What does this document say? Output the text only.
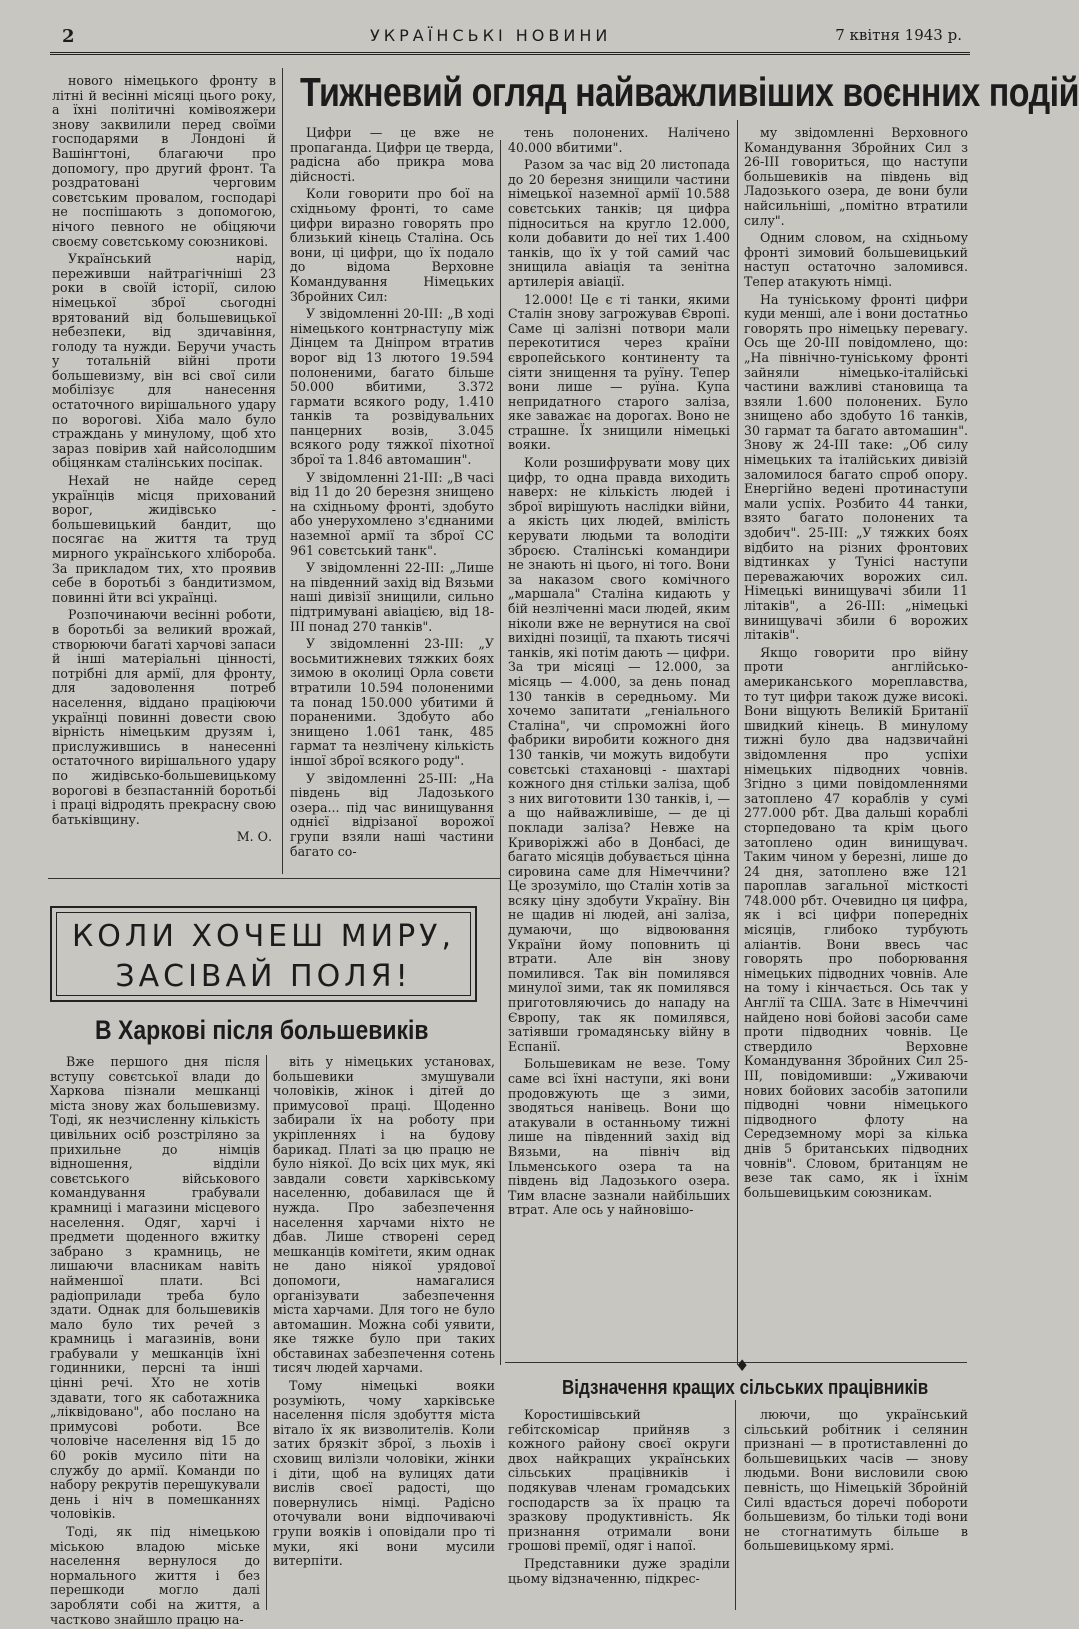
2	УКРАЇНСЬКІ НОВИНИ	7 квітня 1943 р.

нового німецького фронту в літні й весінні місяці цього року, а їхні політичні комівояжери знову заквилили перед своїми господарями в Лондоні й Вашінгтоні, благаючи про допомогу, про другий фронт. Та роздратовані черговим совєтським провалом, господарі не поспішають з допомогою, нічого певного не обіцяючи своєму совєтському союзникові.

Український нарід, переживши найтрагічніші 23 роки в своїй історії, силою німецької зброї сьогодні врятований від большевицької небезпеки, від здичавіння, голоду та нужди. Беручи участь у тотальній війні проти большевизму, він всі свої сили мобілізує для нанесення остаточного вирішального удару по ворогові. Хіба мало було страждань у минулому, щоб хто зараз повірив хай найсолодшим обіцянкам сталінських посіпак.

Нехай не найде серед українців місця прихований ворог, жидівсько - большевицький бандит, що посягає на життя та труд мирного українського хлібороба. За прикладом тих, хто проявив себе в боротьбі з бандитизмом, повинні йти всі українці.

Розпочинаючи весінні роботи, в боротьбі за великий врожай, створюючи багаті харчові запаси й інші матеріальні цінності, потрібні для армії, для фронту, для задоволення потреб населення, віддано праціюючи українці повинні довести свою вірність німецьким друзям і, прислужившись в нанесенні остаточного вирішального удару по жидівсько-большевицькому ворогові в безпастанній боротьбі і праці відродять прекрасну свою батьківщину.

М. О.
Тижневий огляд найважливіших воєнних подій

Цифри — це вже не пропаганда. Цифри це тверда, радісна або прикра мова дійсності.

Коли говорити про бої на східньому фронті, то саме цифри виразно говорять про близький кінець Сталіна. Ось вони, ці цифри, що їх подало до відома Верховне Командування Німецьких Збройних Сил:

У звідомленні 20-ІІІ: „В ході німецького контрнаступу між Дінцем та Дніпром втратив ворог від 13 лютого 19.594 полоненими, багато більше 50.000 вбитими, 3.372 гармати всякого роду, 1.410 танків та розвідувальних панцерних возів, 3.045 всякого роду тяжкої піхотної зброї та 1.846 автомашин".

У звідомленні 21-ІІІ: „В часі від 11 до 20 березня знищено на східньому фронті, здобуто або унерухомлено з'єднаними наземної армії та зброї СС 961 совєтський танк".

У звідомленні 22-ІІІ: „Лише на південний захід від Вязьми наші дивізії знищили, сильно підтримувані авіацією, від 18-ІІІ понад 270 танків".

У звідомленні 23-ІІІ: „У восьмитижневих тяжких боях зимою в околиці Орла совєти втратили 10.594 полоненими та понад 150.000 убитими й пораненими. Здобуто або знищено 1.061 танк, 485 гармат та незлічену кількість іншої зброї всякого роду".

У звідомленні 25-ІІІ: „На південь від Ладозького озера... під час винищування однієї відрізаної ворожої групи взяли наші частини багато со-

тень полонених. Налічено 40.000 вбитими".

Разом за час від 20 листопада до 20 березня знищили частини німецької наземної армії 10.588 совєтських танків; ця цифра підноситься на кругло 12.000, коли добавити до неї тих 1.400 танків, що їх у той самий час знищила авіація та зенітна артилерія авіації.

12.000! Це є ті танки, якими Сталін знову загрожував Європі. Саме ці залізні потвори мали перекотитися через країни європейського континенту та сіяти знищення та руїну. Тепер вони лише — руїна. Купа непридатного старого заліза, яке заважає на дорогах. Воно не страшне. Їх знищили німецькі вояки.

Коли розшифрувати мову цих цифр, то одна правда виходить наверх: не кількість людей і зброї вирішують наслідки війни, а якість цих людей, вмілість керувати людьми та володіти зброєю. Сталінські командири не знають ні цього, ні того. Вони за наказом свого комічного „маршала" Сталіна кидають у бій незліченні маси людей, яким ніколи вже не вернутися на свої вихідні позиції, та пхають тисячі танків, які потім дають — цифри. За три місяці — 12.000, за місяць — 4.000, за день понад 130 танків в середньому. Ми хочемо запитати „геніального Сталіна", чи спроможні його фабрики виробити кожного дня 130 танків, чи можуть видобути совєтські стахановці - шахтарі кожного дня стільки заліза, щоб з них виготовити 130 танків, і, — а що найважливіше, — де ці поклади заліза? Невже на Криворіжжі або в Донбасі, де багато місяців добувається цінна сировина саме для Німеччини? Це зрозуміло, що Сталін хотів за всяку ціну здобути Україну. Він не щадив ні людей, ані заліза, думаючи, що відвоювання України йому поповнить ці втрати. Але він знову помилився. Так він помилявся минулої зими, так як помилявся приготовляючись до нападу на Європу, так як помилявся, затіявши громадянську війну в Еспанії.

Большевикам не везе. Тому саме всі їхні наступи, які вони продовжують ще з зими, зводяться нанівець. Вони що атакували в останньому тижні лише на південний захід від Вязьми, на північ від Ільменського озера та на південь від Ладозького озера. Тим власне зазнали найбільших втрат. Але ось у найновішо-

му звідомленні Верховного Командування Збройних Сил з 26-ІІІ говориться, що наступи большевиків на південь від Ладозького озера, де вони були найсильніші, „помітно втратили силу".

Одним словом, на східньому фронті зимовий большевицький наступ остаточно заломився. Тепер атакують німці.

На туніському фронті цифри куди менші, але і вони достатньо говорять про німецьку перевагу. Ось ще 20-ІІІ повідомлено, що: „На північно-туніському фронті зайняли німецько-італійські частини важливі становища та взяли 1.600 полонених. Було знищено або здобуто 16 танків, 30 гармат та багато автомашин". Знову ж 24-ІІІ таке: „Об силу німецьких та італійських дивізій заломилося багато спроб опору. Енергійно ведені протинаступи мали успіх. Розбито 44 танки, взято багато полонених та здобич". 25-ІІІ: „У тяжких боях відбито на різних фронтових відтинках у Тунісі наступи переважаючих ворожих сил. Німецькі винищувачі збили 11 літаків", а 26-ІІІ: „німецькі винищувачі збили 6 ворожих літаків".

Якщо говорити про війну проти англійсько-американського мореплавства, то тут цифри також дуже високі. Вони віщують Великій Британії швидкий кінець. В минулому тижні було два надзвичайні звідомлення про успіхи німецьких підводних човнів. Згідно з цими повідомленнями затоплено 47 кораблів у сумі 277.000 рбт. Два дальші кораблі сторпедовано та крім цього затоплено один винищувач. Таким чином у березні, лише до 24 дня, затоплено вже 121 пароплав загальної місткості 748.000 рбт. Очевидно ця цифра, як і всі цифри попередніх місяців, глибоко турбують аліантів. Вони ввесь час говорять про поборювання німецьких підводних човнів. Але на тому і кінчається. Ось так у Англії та США. Затє в Німеччині найдено нові бойові засоби саме проти підводних човнів. Це ствердило Верховне Командування Збройних Сил 25-ІІІ, повідомивши: „Уживаючи нових бойових засобів затопили підводні човни німецького підводного флоту на Середземному морі за кілька днів 5 британських підводних човнів". Словом, британцям не везе так само, як і їхнім большевицьким союзникам.

КОЛИ ХОЧЕШ МИРУ,
ЗАСІВАЙ ПОЛЯ!
В Харкові після большевиків

Вже першого дня після вступу совєтської влади до Харкова пізнали мешканці міста знову жах большевизму. Тоді, як незчисленну кількість цивільних осіб розстріляно за прихильне до німців відношення, відділи совєтського військового командування грабували крамниці і магазини місцевого населення. Одяг, харчі і предмети щоденного вжитку забрано з крамниць, не лишаючи власникам навіть найменшої плати. Всі радіоприлади треба було здати. Однак для большевиків мало було тих речей з крамниць і магазинів, вони грабували у мешканців їхні годинники, персні та інші цінні речі. Хто не хотів здавати, того як саботажника „ліквідовано", або послано на примусові роботи. Все чоловіче населення від 15 до 60 років мусило піти на службу до армії. Команди по набору рекрутів перешукували день і ніч в помешканнях чоловіків.

Тоді, як під німецькою міською владою міське населення вернулося до нормального життя і без перешкоди могло далі заробляти собі на життя, а частково знайшло працю на-

віть у німецьких установах, большевики змушували чоловіків, жінок і дітей до примусової праці. Щоденно забирали їх на роботу при укріпленнях і на будову барикад. Платі за цю працю не було ніякої. До всіх цих мук, які завдали совєти харківському населенню, добавилася ще й нужда. Про забезпечення населення харчами ніхто не дбав. Лише створені серед мешканців комітети, яким однак не дано ніякої урядової допомоги, намагалися організувати забезпечення міста харчами. Для того не було автомашин. Можна собі уявити, яке тяжке було при таких обставинах забезпечення сотень тисяч людей харчами.

Тому німецькі вояки розуміють, чому харківське населення після здобуття міста вітало їх як визволителів. Коли затих брязкіт зброї, з льохів і сховищ вилізли чоловіки, жінки і діти, щоб на вулицях дати вислів своєї радості, що повернулись німці. Радісно оточували вони відпочиваючі групи вояків і оповідали про ті муки, які вони мусили витерпіти.

♦
Відзначення кращих сільських працівників

Коростишівський гебітскомісар прийняв з кожного району своєї округи двох найкращих українських сільських працівників і подякував членам громадських господарств за їх працю та зразкову продуктивність. Як признання отримали вони грошові премії, одяг і напої.

Представники дуже зраділи цьому відзначенню, підкрес-

люючи, що український сільський робітник і селянин признані — в протиставленні до большевицьких часів — знову людьми. Вони висловили свою певність, що Німецькій Збройній Силі вдасться доречі побороти большевизм, бо тільки тоді вони не стогнатимуть більше в большевицькому ярмі.
